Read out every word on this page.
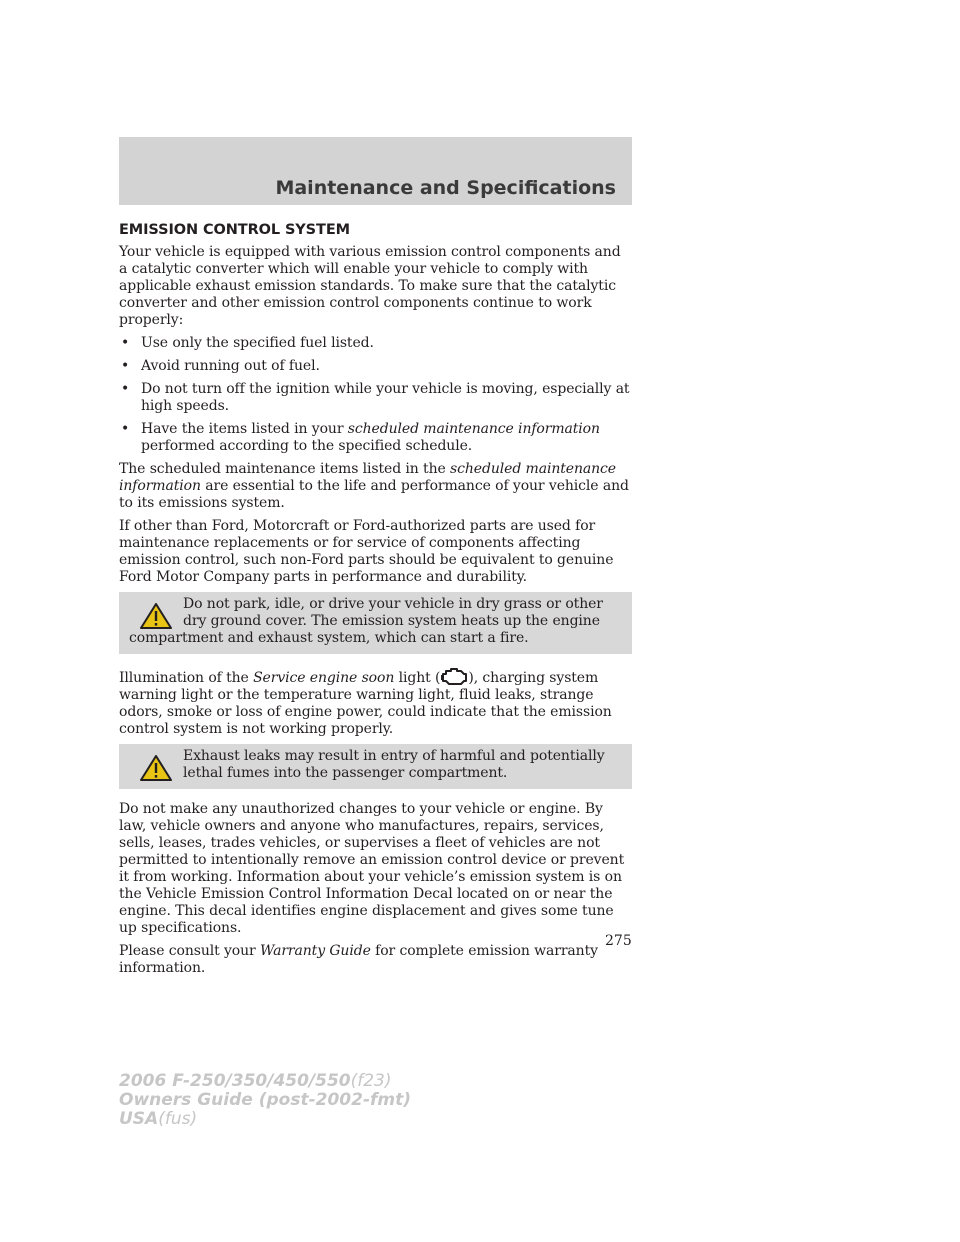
Maintenance and Specifications
EMISSION CONTROL SYSTEM

Your vehicle is equipped with various emission control components and a catalytic converter which will enable your vehicle to comply with applicable exhaust emission standards. To make sure that the catalytic converter and other emission control components continue to work properly:

• Use only the specified fuel listed.
• Avoid running out of fuel.
• Do not turn off the ignition while your vehicle is moving, especially at high speeds.
• Have the items listed in your scheduled maintenance information performed according to the specified schedule.

The scheduled maintenance items listed in the scheduled maintenance information are essential to the life and performance of your vehicle and to its emissions system.

If other than Ford, Motorcraft or Ford-authorized parts are used for maintenance replacements or for service of components affecting emission control, such non-Ford parts should be equivalent to genuine Ford Motor Company parts in performance and durability.

Do not park, idle, or drive your vehicle in dry grass or other dry ground cover. The emission system heats up the engine compartment and exhaust system, which can start a fire.

Illumination of the Service engine soon light ( ), charging system warning light or the temperature warning light, fluid leaks, strange odors, smoke or loss of engine power, could indicate that the emission control system is not working properly.

Exhaust leaks may result in entry of harmful and potentially lethal fumes into the passenger compartment.

Do not make any unauthorized changes to your vehicle or engine. By law, vehicle owners and anyone who manufactures, repairs, services, sells, leases, trades vehicles, or supervises a fleet of vehicles are not permitted to intentionally remove an emission control device or prevent it from working. Information about your vehicle’s emission system is on the Vehicle Emission Control Information Decal located on or near the engine. This decal identifies engine displacement and gives some tune up specifications.

Please consult your Warranty Guide for complete emission warranty information.

275
2006 F-250/350/450/550(f23)
Owners Guide (post-2002-fmt)
USA(fus)
